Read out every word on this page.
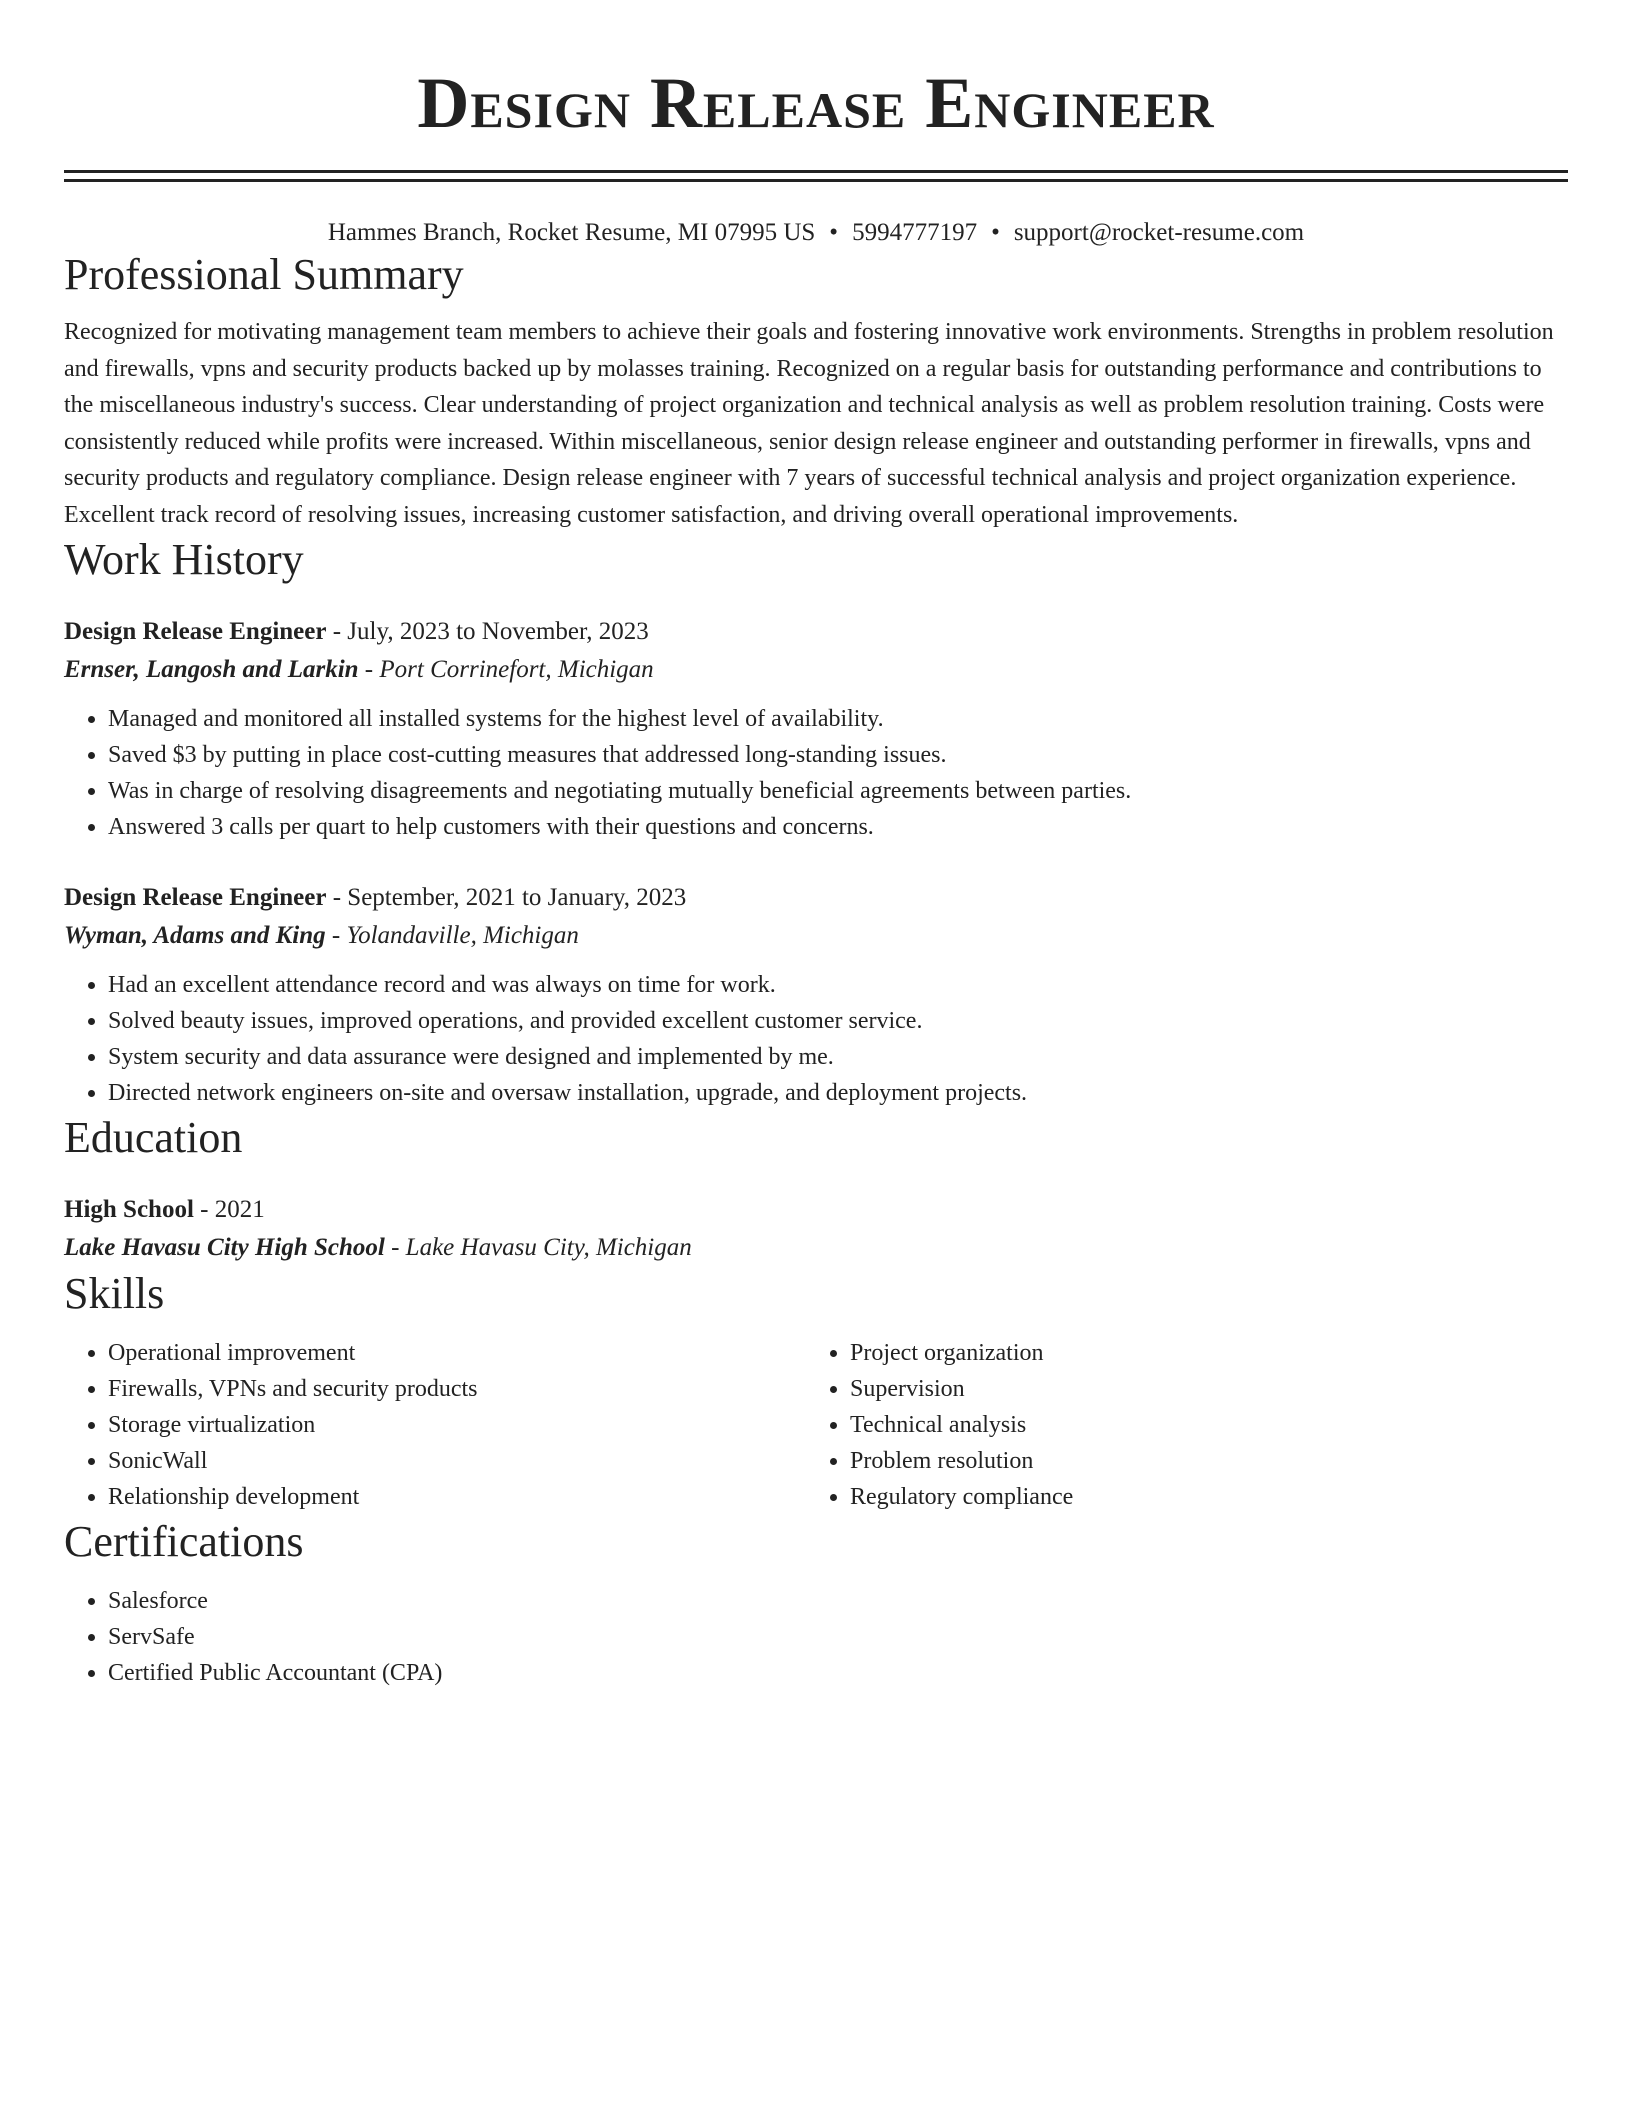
Design Release Engineer
Hammes Branch, Rocket Resume, MI 07995 US • 5994777197 • support@rocket-resume.com
Professional Summary

Recognized for motivating management team members to achieve their goals and fostering innovative work environments. Strengths in problem resolution and firewalls, vpns and security products backed up by molasses training. Recognized on a regular basis for outstanding performance and contributions to the miscellaneous industry's success. Clear understanding of project organization and technical analysis as well as problem resolution training. Costs were consistently reduced while profits were increased. Within miscellaneous, senior design release engineer and outstanding performer in firewalls, vpns and security products and regulatory compliance. Design release engineer with 7 years of successful technical analysis and project organization experience. Excellent track record of resolving issues, increasing customer satisfaction, and driving overall operational improvements.

Work History
Design Release Engineer - July, 2023 to November, 2023
Ernser, Langosh and Larkin - Port Corrinefort, Michigan
• Managed and monitored all installed systems for the highest level of availability.
• Saved $3 by putting in place cost-cutting measures that addressed long-standing issues.
• Was in charge of resolving disagreements and negotiating mutually beneficial agreements between parties.
• Answered 3 calls per quart to help customers with their questions and concerns.
Design Release Engineer - September, 2021 to January, 2023
Wyman, Adams and King - Yolandaville, Michigan
• Had an excellent attendance record and was always on time for work.
• Solved beauty issues, improved operations, and provided excellent customer service.
• System security and data assurance were designed and implemented by me.
• Directed network engineers on-site and oversaw installation, upgrade, and deployment projects.
Education
High School - 2021
Lake Havasu City High School - Lake Havasu City, Michigan
Skills
• Operational improvement
• Firewalls, VPNs and security products
• Storage virtualization
• SonicWall
• Relationship development
• Project organization
• Supervision
• Technical analysis
• Problem resolution
• Regulatory compliance
Certifications
• Salesforce
• ServSafe
• Certified Public Accountant (CPA)
